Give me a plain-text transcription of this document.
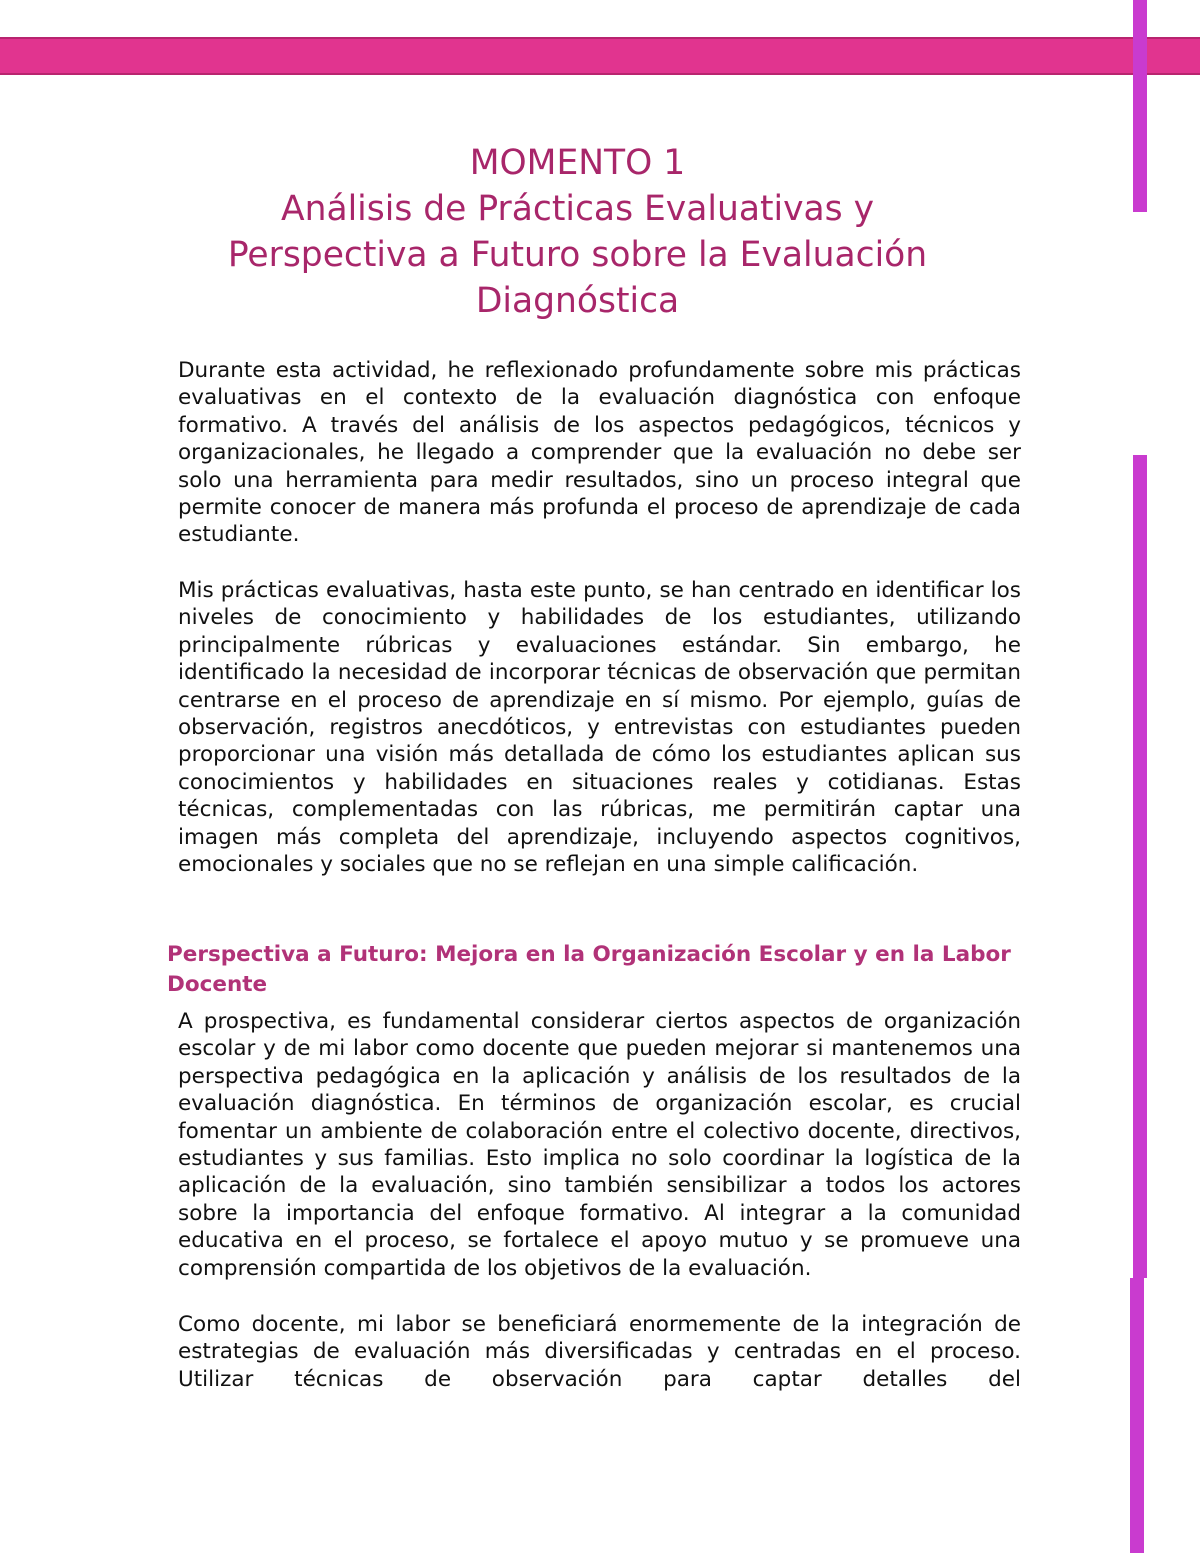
MOMENTO 1
Análisis de Prácticas Evaluativas y
Perspectiva a Futuro sobre la Evaluación
Diagnóstica

Durante esta actividad, he reflexionado profundamente sobre mis prácticas evaluativas en el contexto de la evaluación diagnóstica con enfoque formativo. A través del análisis de los aspectos pedagógicos, técnicos y organizacionales, he llegado a comprender que la evaluación no debe ser solo una herramienta para medir resultados, sino un proceso integral que permite conocer de manera más profunda el proceso de aprendizaje de cada estudiante.

Mis prácticas evaluativas, hasta este punto, se han centrado en identificar los niveles de conocimiento y habilidades de los estudiantes, utilizando principalmente rúbricas y evaluaciones estándar. Sin embargo, he identificado la necesidad de incorporar técnicas de observación que permitan centrarse en el proceso de aprendizaje en sí mismo. Por ejemplo, guías de observación, registros anecdóticos, y entrevistas con estudiantes pueden proporcionar una visión más detallada de cómo los estudiantes aplican sus conocimientos y habilidades en situaciones reales y cotidianas. Estas técnicas, complementadas con las rúbricas, me permitirán captar una imagen más completa del aprendizaje, incluyendo aspectos cognitivos, emocionales y sociales que no se reflejan en una simple calificación.

Perspectiva a Futuro: Mejora en la Organización Escolar y en la Labor Docente

A prospectiva, es fundamental considerar ciertos aspectos de organización escolar y de mi labor como docente que pueden mejorar si mantenemos una perspectiva pedagógica en la aplicación y análisis de los resultados de la evaluación diagnóstica. En términos de organización escolar, es crucial fomentar un ambiente de colaboración entre el colectivo docente, directivos, estudiantes y sus familias. Esto implica no solo coordinar la logística de la aplicación de la evaluación, sino también sensibilizar a todos los actores sobre la importancia del enfoque formativo. Al integrar a la comunidad educativa en el proceso, se fortalece el apoyo mutuo y se promueve una comprensión compartida de los objetivos de la evaluación.

Como docente, mi labor se beneficiará enormemente de la integración de estrategias de evaluación más diversificadas y centradas en el proceso. Utilizar técnicas de observación para captar detalles del
